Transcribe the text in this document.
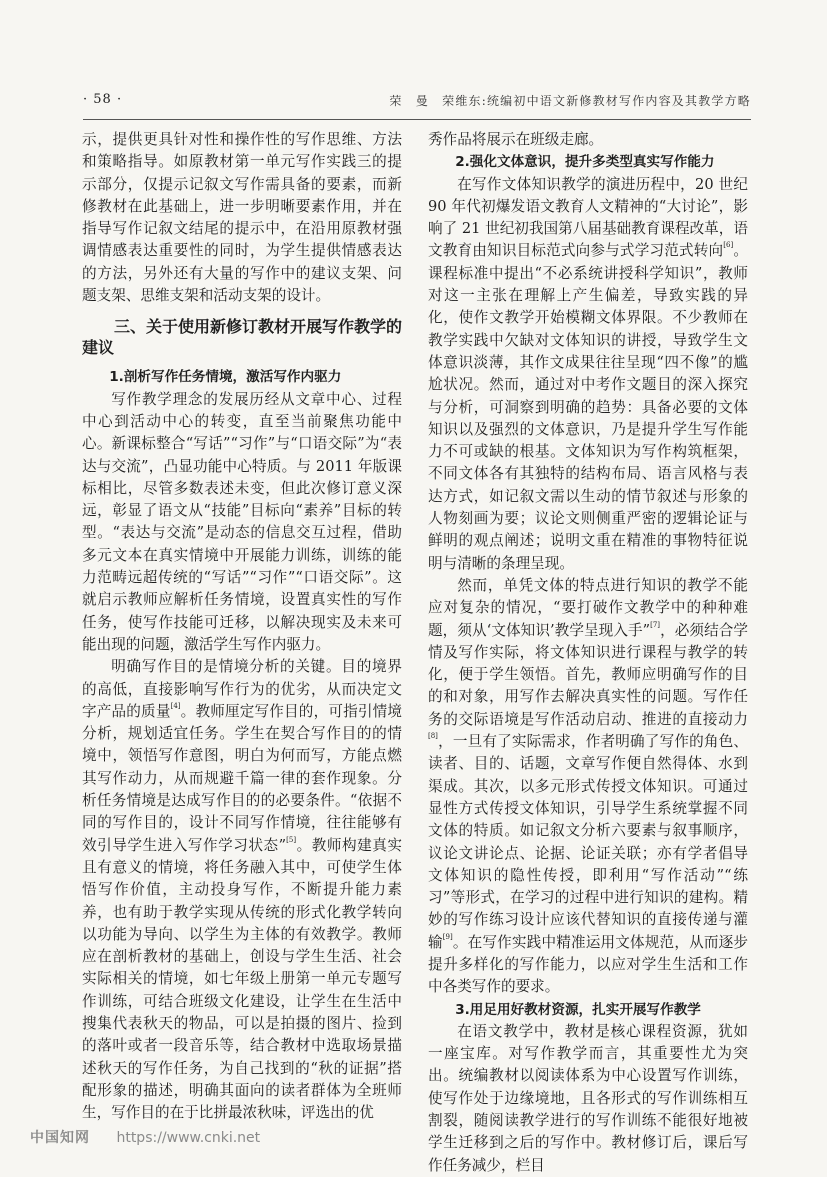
· 58 ·	荣　曼　荣维东:统编初中语文新修教材写作内容及其教学方略

示，提供更具针对性和操作性的写作思维、方法和策略指导。如原教材第一单元写作实践三的提示部分，仅提示记叙文写作需具备的要素，而新修教材在此基础上，进一步明晰要素作用，并在指导写作记叙文结尾的提示中，在沿用原教材强调情感表达重要性的同时，为学生提供情感表达的方法，另外还有大量的写作中的建议支架、问题支架、思维支架和活动支架的设计。

三、关于使用新修订教材开展写作教学的建议
1.剖析写作任务情境，激活写作内驱力

写作教学理念的发展历经从文章中心、过程中心到活动中心的转变，直至当前聚焦功能中心。新课标整合“写话”“习作”与“口语交际”为“表达与交流”，凸显功能中心特质。与 2011 年版课标相比，尽管多数表述未变，但此次修订意义深远，彰显了语文从“技能”目标向“素养”目标的转型。“表达与交流”是动态的信息交互过程，借助多元文本在真实情境中开展能力训练，训练的能力范畴远超传统的“写话”“习作”“口语交际”。这就启示教师应解析任务情境，设置真实性的写作任务，使写作技能可迁移，以解决现实及未来可能出现的问题，激活学生写作内驱力。

明确写作目的是情境分析的关键。目的境界的高低，直接影响写作行为的优劣，从而决定文字产品的质量[4]。教师厘定写作目的，可指引情境分析，规划适宜任务。学生在契合写作目的的情境中，领悟写作意图，明白为何而写，方能点燃其写作动力，从而规避千篇一律的套作现象。分析任务情境是达成写作目的的必要条件。“依据不同的写作目的，设计不同写作情境，往往能够有效引导学生进入写作学习状态”[5]。教师构建真实且有意义的情境，将任务融入其中，可使学生体悟写作价值，主动投身写作，不断提升能力素养，也有助于教学实现从传统的形式化教学转向以功能为导向、以学生为主体的有效教学。教师应在剖析教材的基础上，创设与学生生活、社会实际相关的情境，如七年级上册第一单元专题写作训练，可结合班级文化建设，让学生在生活中搜集代表秋天的物品，可以是拍摄的图片、捡到的落叶或者一段音乐等，结合教材中选取场景描述秋天的写作任务，为自己找到的“秋的证据”搭配形象的描述，明确其面向的读者群体为全班师生，写作目的在于比拼最浓秋味，评选出的优

秀作品将展示在班级走廊。

2.强化文体意识，提升多类型真实写作能力

在写作文体知识教学的演进历程中，20 世纪 90 年代初爆发语文教育人文精神的“大讨论”，影响了 21 世纪初我国第八届基础教育课程改革，语文教育由知识目标范式向参与式学习范式转向[6]。课程标准中提出“不必系统讲授科学知识”，教师对这一主张在理解上产生偏差，导致实践的异化，使作文教学开始模糊文体界限。不少教师在教学实践中欠缺对文体知识的讲授，导致学生文体意识淡薄，其作文成果往往呈现“四不像”的尴尬状况。然而，通过对中考作文题目的深入探究与分析，可洞察到明确的趋势：具备必要的文体知识以及强烈的文体意识，乃是提升学生写作能力不可或缺的根基。文体知识为写作构筑框架，不同文体各有其独特的结构布局、语言风格与表达方式，如记叙文需以生动的情节叙述与形象的人物刻画为要；议论文则侧重严密的逻辑论证与鲜明的观点阐述；说明文重在精准的事物特征说明与清晰的条理呈现。

然而，单凭文体的特点进行知识的教学不能应对复杂的情况，“要打破作文教学中的种种难题，须从‘文体知识’教学呈现入手”[7]，必须结合学情及写作实际，将文体知识进行课程与教学的转化，便于学生领悟。首先，教师应明确写作的目的和对象，用写作去解决真实性的问题。写作任务的交际语境是写作活动启动、推进的直接动力[8]，一旦有了实际需求，作者明确了写作的角色、读者、目的、话题，文章写作便自然得体、水到渠成。其次，以多元形式传授文体知识。可通过显性方式传授文体知识，引导学生系统掌握不同文体的特质。如记叙文分析六要素与叙事顺序，议论文讲论点、论据、论证关联；亦有学者倡导文体知识的隐性传授，即利用“写作活动”“练习”等形式，在学习的过程中进行知识的建构。精妙的写作练习设计应该代替知识的直接传递与灌输[9]。在写作实践中精准运用文体规范，从而逐步提升多样化的写作能力，以应对学生生活和工作中各类写作的要求。

3.用足用好教材资源，扎实开展写作教学

在语文教学中，教材是核心课程资源，犹如一座宝库。对写作教学而言，其重要性尤为突出。统编教材以阅读体系为中心设置写作训练，使写作处于边缘境地，且各形式的写作训练相互割裂，随阅读教学进行的写作训练不能很好地被学生迁移到之后的写作中。教材修订后，课后写作任务减少，栏目

中国知网 https://www.cnki.net
